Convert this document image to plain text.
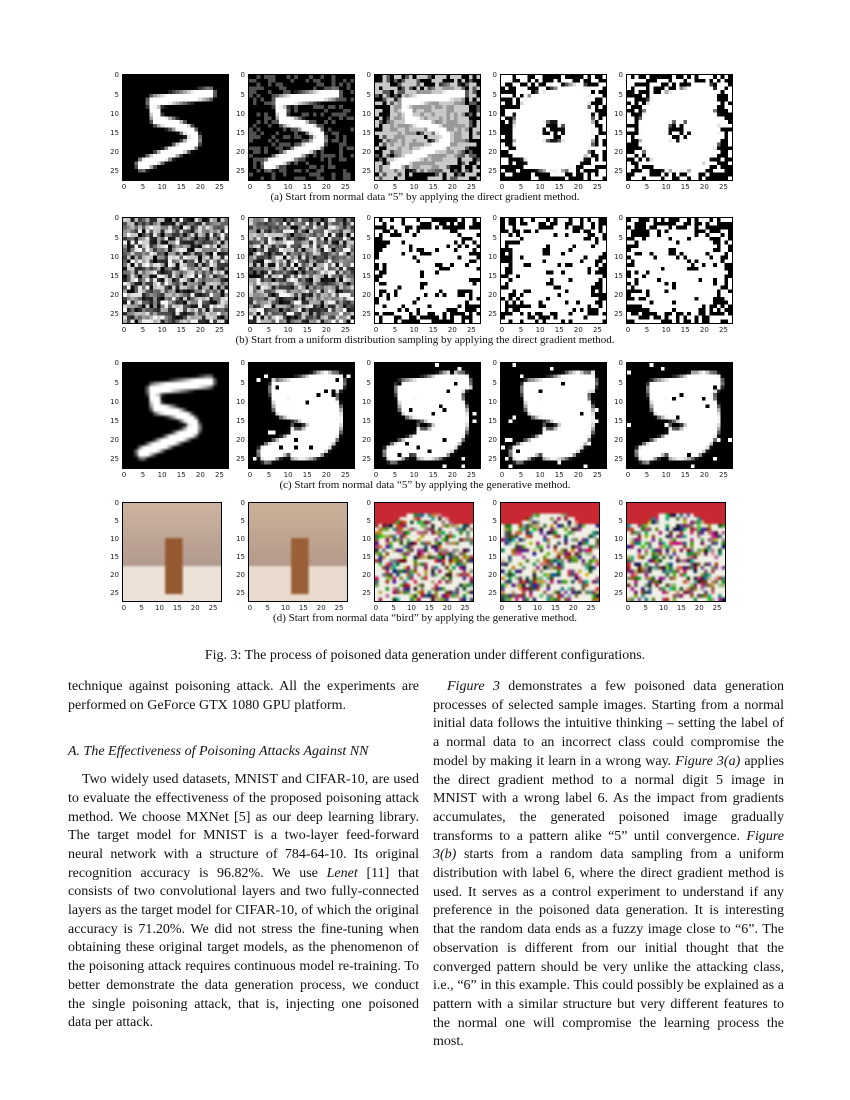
0
0
5
5
10
10
15
15
20
20
25
25
0
0
5
5
10
10
15
15
20
20
25
25
0
0
5
5
10
10
15
15
20
20
25
25
0
0
5
5
10
10
15
15
20
20
25
25
0
0
5
5
10
10
15
15
20
20
25
25
(a) Start from normal data “5” by applying the direct gradient method.
0
0
5
5
10
10
15
15
20
20
25
25
0
0
5
5
10
10
15
15
20
20
25
25
0
0
5
5
10
10
15
15
20
20
25
25
0
0
5
5
10
10
15
15
20
20
25
25
0
0
5
5
10
10
15
15
20
20
25
25
(b) Start from a uniform distribution sampling by applying the direct gradient method.
0
0
5
5
10
10
15
15
20
20
25
25
0
0
5
5
10
10
15
15
20
20
25
25
0
0
5
5
10
10
15
15
20
20
25
25
0
0
5
5
10
10
15
15
20
20
25
25
0
0
5
5
10
10
15
15
20
20
25
25
(c) Start from normal data “5” by applying the generative method.
0
0
5
5
10
10
15
15
20
20
25
25
0
0
5
5
10
10
15
15
20
20
25
25
0
0
5
5
10
10
15
15
20
20
25
25
0
0
5
5
10
10
15
15
20
20
25
25
0
0
5
5
10
10
15
15
20
20
25
25
(d) Start from normal data “bird” by applying the generative method.
Fig. 3: The process of poisoned data generation under different configurations.

technique against poisoning attack. All the experiments are performed on GeForce GTX 1080 GPU platform.

A. The Effectiveness of Poisoning Attacks Against NN

Two widely used datasets, MNIST and CIFAR-10, are used to evaluate the effectiveness of the proposed poisoning attack method. We choose MXNet [5] as our deep learning library. The target model for MNIST is a two-layer feed-forward neural network with a structure of 784-64-10. Its original recognition accuracy is 96.82%. We use Lenet [11] that consists of two convolutional layers and two fully-connected layers as the target model for CIFAR-10, of which the original accuracy is 71.20%. We did not stress the fine-tuning when obtaining these original target models, as the phenomenon of the poisoning attack requires continuous model re-training. To better demonstrate the data generation process, we conduct the single poisoning attack, that is, injecting one poisoned data per attack.

Figure 3 demonstrates a few poisoned data generation processes of selected sample images. Starting from a normal initial data follows the intuitive thinking – setting the label of a normal data to an incorrect class could compromise the model by making it learn in a wrong way. Figure 3(a) applies the direct gradient method to a normal digit 5 image in MNIST with a wrong label 6. As the impact from gradients accumulates, the generated poisoned image gradually transforms to a pattern alike “5” until convergence. Figure 3(b) starts from a random data sampling from a uniform distribution with label 6, where the direct gradient method is used. It serves as a control experiment to understand if any preference in the poisoned data generation. It is interesting that the random data ends as a fuzzy image close to “6”. The observation is different from our initial thought that the converged pattern should be very unlike the attacking class, i.e., “6” in this example. This could possibly be explained as a pattern with a similar structure but very different features to the normal one will compromise the learning process the most.
